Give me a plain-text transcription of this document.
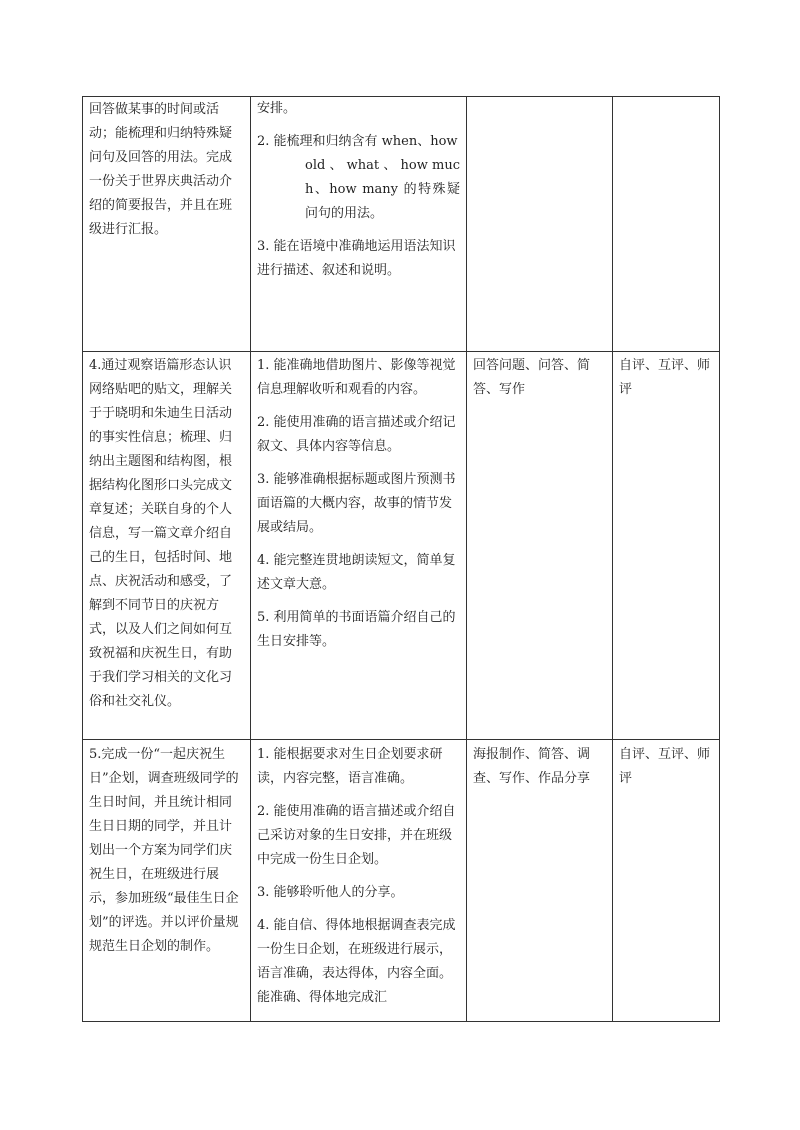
回答做某事的时间或活动；能梳理和归纳特殊疑问句及回答的用法。完成一份关于世界庆典活动介绍的简要报告，并且在班级进行汇报。	安排。
2. 能梳理和归纳含有 when、how
old 、 what 、 how much、how many 的特殊疑问句的用法。
3. 能在语境中准确地运用语法知识进行描述、叙述和说明。		

4.通过观察语篇形态认识网络贴吧的贴文，理解关于于晓明和朱迪生日活动的事实性信息；梳理、归纳出主题图和结构图，根据结构化图形口头完成文章复述；关联自身的个人信息，写一篇文章介绍自己的生日，包括时间、地点、庆祝活动和感受，了解到不同节日的庆祝方式，以及人们之间如何互致祝福和庆祝生日，有助于我们学习相关的文化习俗和社交礼仪。	1. 能准确地借助图片、影像等视觉信息理解收听和观看的内容。
2. 能使用准确的语言描述或介绍记叙文、具体内容等信息。
3. 能够准确根据标题或图片预测书面语篇的大概内容，故事的情节发展或结局。
4. 能完整连贯地朗读短文，简单复述文章大意。
5. 利用简单的书面语篇介绍自己的生日安排等。	回答问题、问答、简答、写作	自评、互评、师评
5.完成一份“一起庆祝生日”企划，调查班级同学的生日时间，并且统计相同生日日期的同学，并且计划出一个方案为同学们庆祝生日，在班级进行展示，参加班级“最佳生日企划”的评选。并以评价量规规范生日企划的制作。	1. 能根据要求对生日企划要求研读，内容完整，语言准确。
2. 能使用准确的语言描述或介绍自己采访对象的生日安排，并在班级中完成一份生日企划。
3. 能够聆听他人的分享。
4. 能自信、得体地根据调查表完成一份生日企划，在班级进行展示，语言准确，表达得体，内容全面。能准确、得体地完成汇	海报制作、简答、调查、写作、作品分享	自评、互评、师评
